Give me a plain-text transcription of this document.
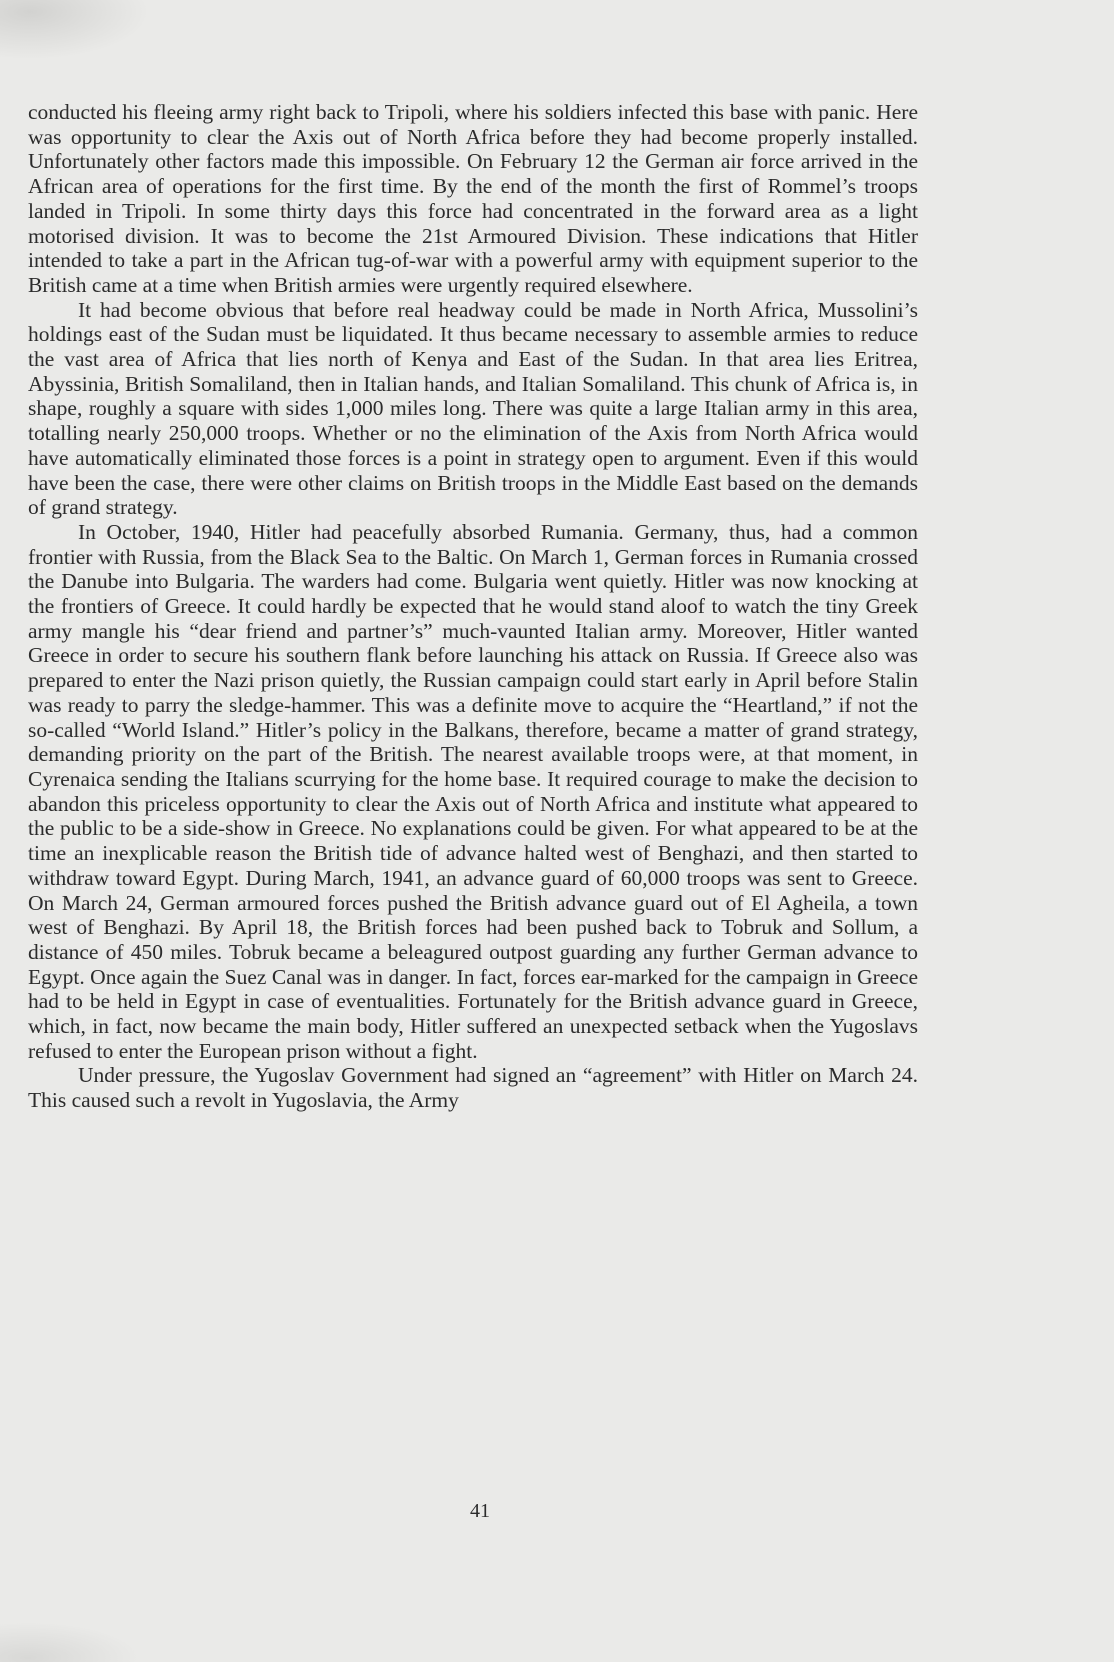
conducted his fleeing army right back to Tripoli, where his soldiers infected this base with panic. Here was opportunity to clear the Axis out of North Africa before they had become properly installed. Unfortunately other factors made this impossible. On February 12 the German air force arrived in the African area of operations for the first time. By the end of the month the first of Rommel’s troops landed in Tripoli. In some thirty days this force had concentrated in the forward area as a light motorised division. It was to become the 21st Armoured Division. These indications that Hitler intended to take a part in the African tug-of-war with a powerful army with equipment superior to the British came at a time when British armies were urgently required elsewhere.

It had become obvious that before real headway could be made in North Africa, Mussolini’s holdings east of the Sudan must be liquidated. It thus became necessary to assemble armies to reduce the vast area of Africa that lies north of Kenya and East of the Sudan. In that area lies Eritrea, Abyssinia, British Somaliland, then in Italian hands, and Italian Somaliland. This chunk of Africa is, in shape, roughly a square with sides 1,000 miles long. There was quite a large Italian army in this area, totalling nearly 250,000 troops. Whether or no the elimination of the Axis from North Africa would have automatically eliminated those forces is a point in strategy open to argument. Even if this would have been the case, there were other claims on British troops in the Middle East based on the demands of grand strategy.

In October, 1940, Hitler had peacefully absorbed Rumania. Germany, thus, had a common frontier with Russia, from the Black Sea to the Baltic. On March 1, German forces in Rumania crossed the Danube into Bulgaria. The warders had come. Bulgaria went quietly. Hitler was now knocking at the frontiers of Greece. It could hardly be expected that he would stand aloof to watch the tiny Greek army mangle his “dear friend and partner’s” much-vaunted Italian army. Moreover, Hitler wanted Greece in order to secure his southern flank before launching his attack on Russia. If Greece also was prepared to enter the Nazi prison quietly, the Russian campaign could start early in April before Stalin was ready to parry the sledge-hammer. This was a definite move to acquire the “Heartland,” if not the so-called “World Island.” Hitler’s policy in the Balkans, therefore, became a matter of grand strategy, demanding priority on the part of the British. The nearest available troops were, at that moment, in Cyrenaica sending the Italians scurrying for the home base. It required courage to make the decision to abandon this priceless opportunity to clear the Axis out of North Africa and institute what appeared to the public to be a side-show in Greece. No explanations could be given. For what appeared to be at the time an inexplicable reason the British tide of advance halted west of Benghazi, and then started to withdraw toward Egypt. During March, 1941, an advance guard of 60,000 troops was sent to Greece. On March 24, German armoured forces pushed the British advance guard out of El Agheila, a town west of Benghazi. By April 18, the British forces had been pushed back to Tobruk and Sollum, a distance of 450 miles. Tobruk became a beleagured outpost guarding any further German advance to Egypt. Once again the Suez Canal was in danger. In fact, forces ear-marked for the campaign in Greece had to be held in Egypt in case of eventualities. Fortunately for the British advance guard in Greece, which, in fact, now became the main body, Hitler suffered an unexpected setback when the Yugoslavs refused to enter the European prison without a fight.

Under pressure, the Yugoslav Government had signed an “agreement” with Hitler on March 24. This caused such a revolt in Yugoslavia, the Army

41
